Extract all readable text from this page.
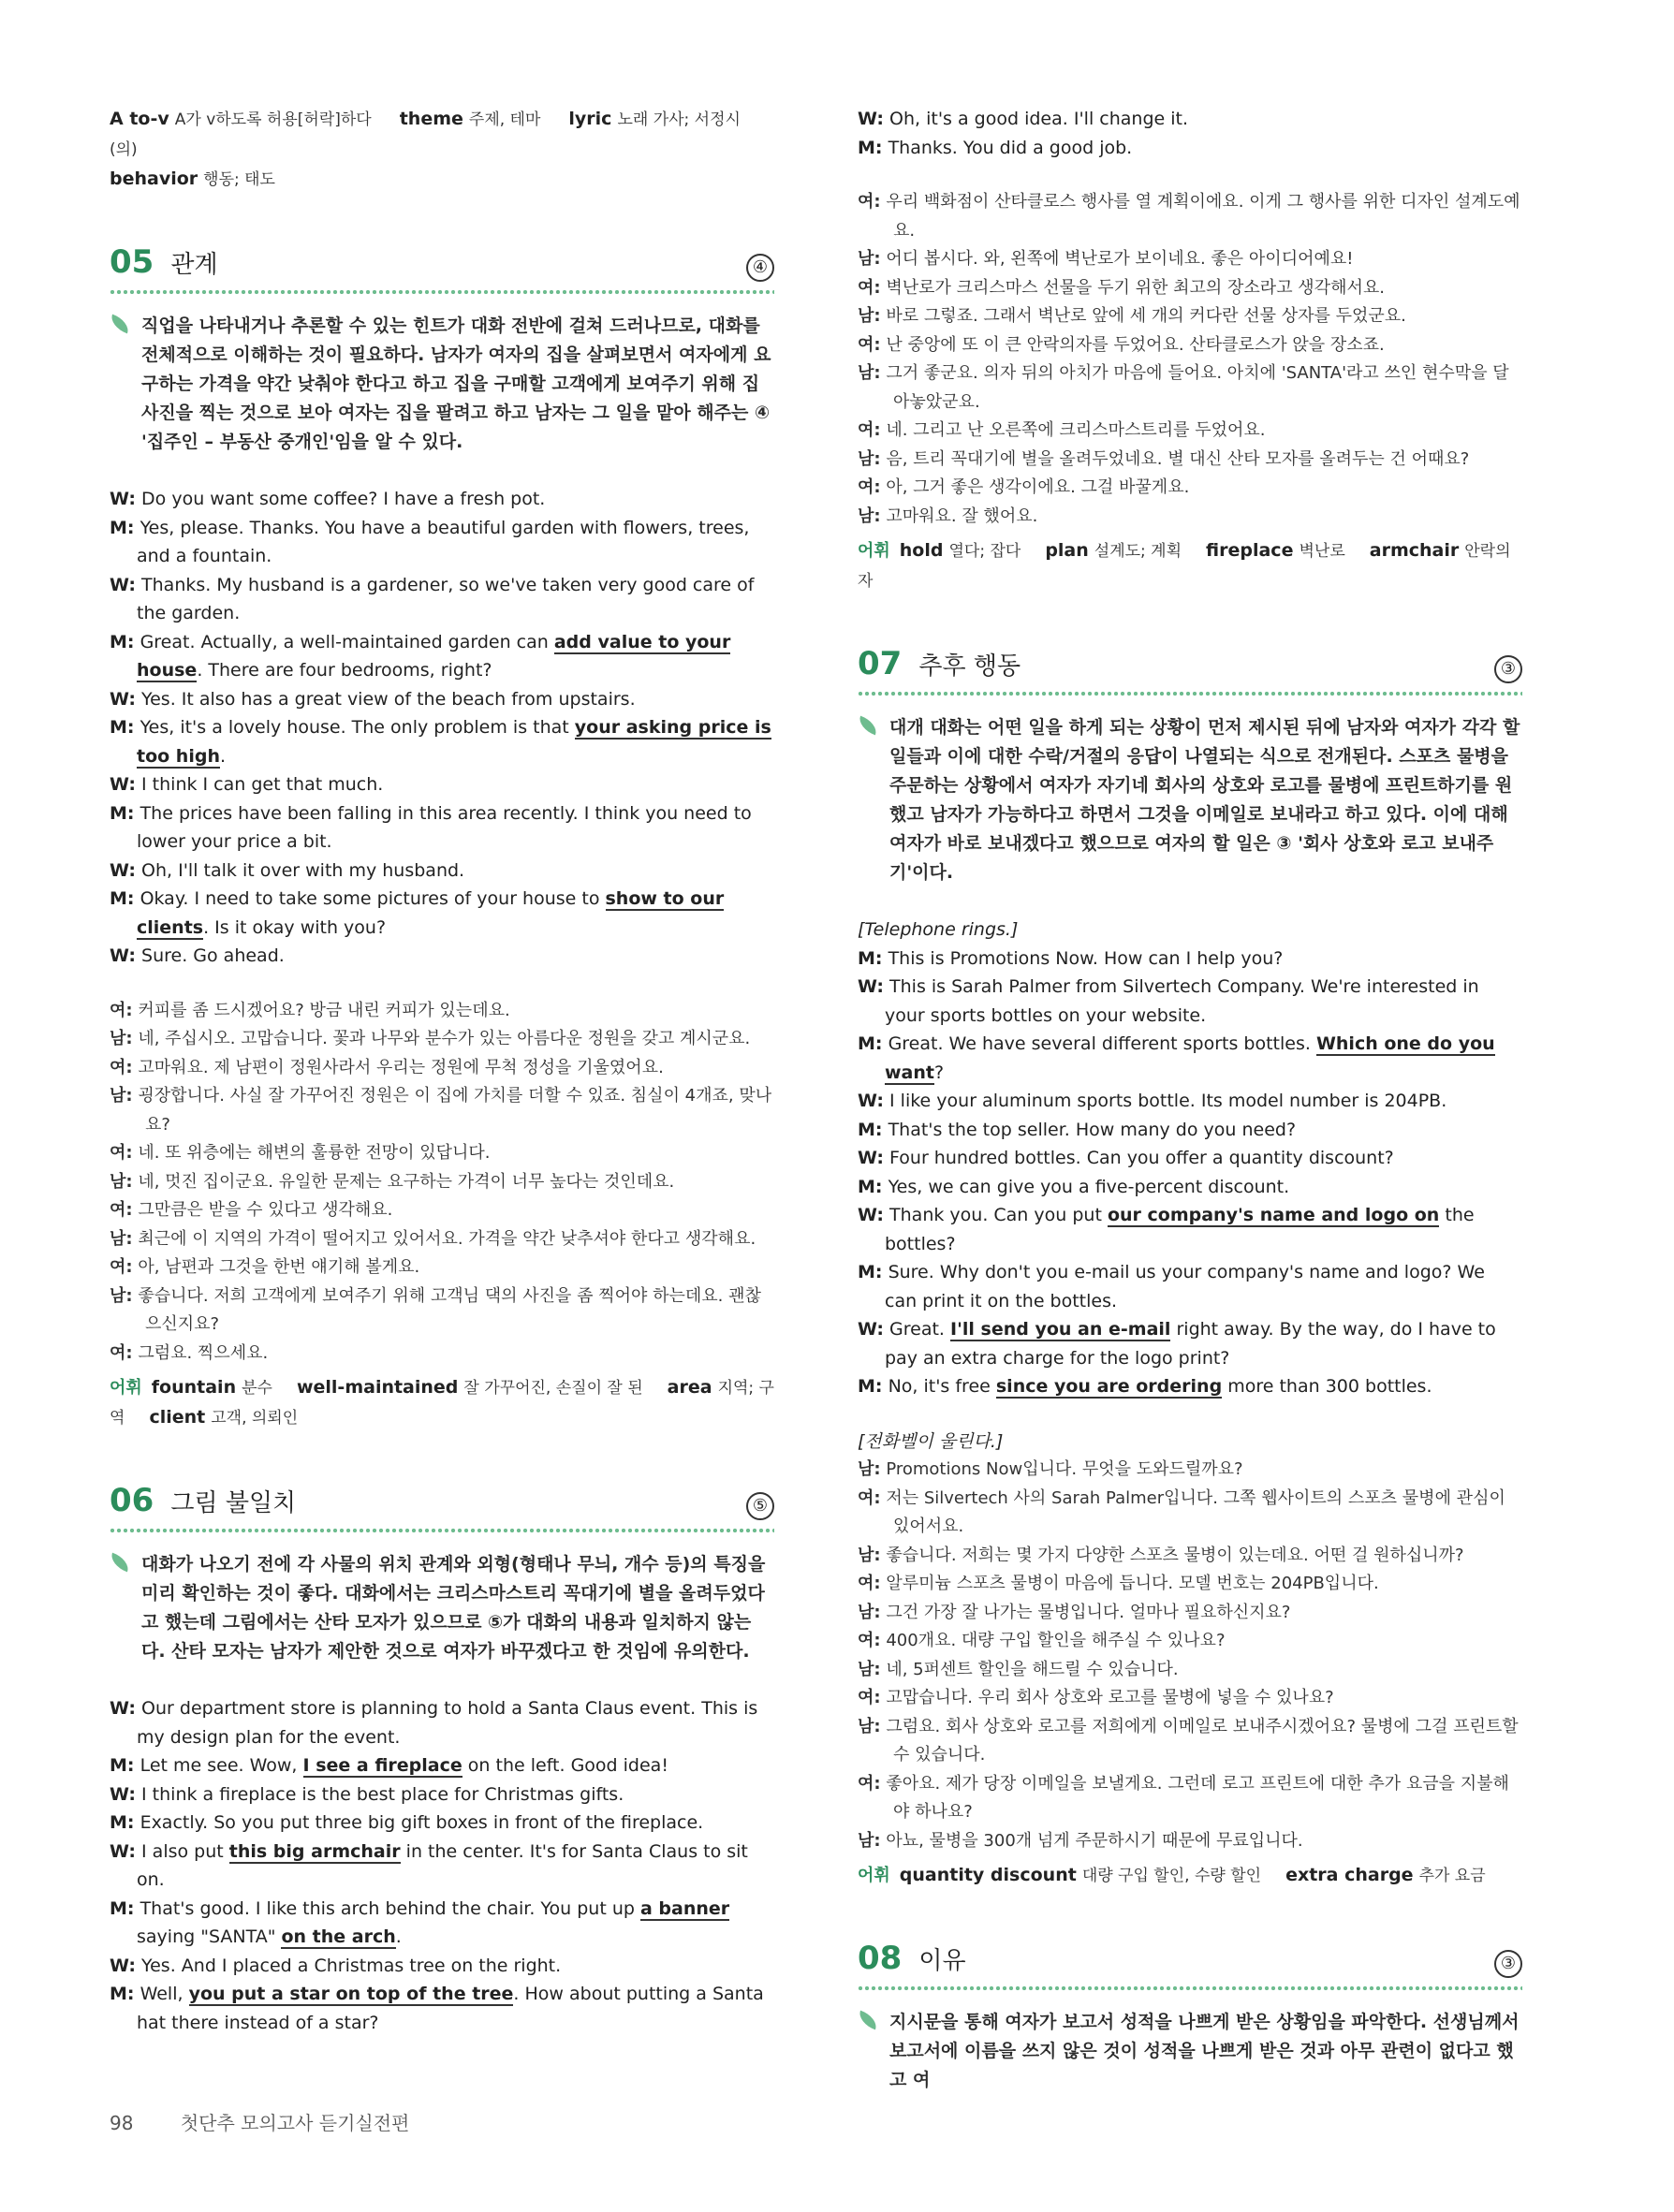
A to-v A가 v하도록 허용[허락]하다 theme 주제, 테마 lyric 노래 가사; 서정시(의)
behavior 행동; 태도
05 관계	④

직업을 나타내거나 추론할 수 있는 힌트가 대화 전반에 걸쳐 드러나므로, 대화를 전체적으로 이해하는 것이 필요하다. 남자가 여자의 집을 살펴보면서 여자에게 요구하는 가격을 약간 낮춰야 한다고 하고 집을 구매할 고객에게 보여주기 위해 집 사진을 찍는 것으로 보아 여자는 집을 팔려고 하고 남자는 그 일을 맡아 해주는 ④ '집주인 – 부동산 중개인'임을 알 수 있다.

W: Do you want some coffee? I have a fresh pot.

M: Yes, please. Thanks. You have a beautiful garden with flowers, trees, and a fountain.

W: Thanks. My husband is a gardener, so we've taken very good care of the garden.

M: Great. Actually, a well-maintained garden can add value to your house. There are four bedrooms, right?

W: Yes. It also has a great view of the beach from upstairs.

M: Yes, it's a lovely house. The only problem is that your asking price is too high.

W: I think I can get that much.

M: The prices have been falling in this area recently. I think you need to lower your price a bit.

W: Oh, I'll talk it over with my husband.

M: Okay. I need to take some pictures of your house to show to our clients. Is it okay with you?

W: Sure. Go ahead.

여: 커피를 좀 드시겠어요? 방금 내린 커피가 있는데요.

남: 네, 주십시오. 고맙습니다. 꽃과 나무와 분수가 있는 아름다운 정원을 갖고 계시군요.

여: 고마워요. 제 남편이 정원사라서 우리는 정원에 무척 정성을 기울였어요.

남: 굉장합니다. 사실 잘 가꾸어진 정원은 이 집에 가치를 더할 수 있죠. 침실이 4개죠, 맞나요?

여: 네. 또 위층에는 해변의 훌륭한 전망이 있답니다.

남: 네, 멋진 집이군요. 유일한 문제는 요구하는 가격이 너무 높다는 것인데요.

여: 그만큼은 받을 수 있다고 생각해요.

남: 최근에 이 지역의 가격이 떨어지고 있어서요. 가격을 약간 낮추셔야 한다고 생각해요.

여: 아, 남편과 그것을 한번 얘기해 볼게요.

남: 좋습니다. 저희 고객에게 보여주기 위해 고객님 댁의 사진을 좀 찍어야 하는데요. 괜찮으신지요?

여: 그럼요. 찍으세요.

어휘 fountain 분수 well-maintained 잘 가꾸어진, 손질이 잘 된 area 지역; 구역 client 고객, 의뢰인
06 그림 불일치	⑤

대화가 나오기 전에 각 사물의 위치 관계와 외형(형태나 무늬, 개수 등)의 특징을 미리 확인하는 것이 좋다. 대화에서는 크리스마스트리 꼭대기에 별을 올려두었다고 했는데 그림에서는 산타 모자가 있으므로 ⑤가 대화의 내용과 일치하지 않는다. 산타 모자는 남자가 제안한 것으로 여자가 바꾸겠다고 한 것임에 유의한다.

W: Our department store is planning to hold a Santa Claus event. This is my design plan for the event.

M: Let me see. Wow, I see a fireplace on the left. Good idea!

W: I think a fireplace is the best place for Christmas gifts.

M: Exactly. So you put three big gift boxes in front of the fireplace.

W: I also put this big armchair in the center. It's for Santa Claus to sit on.

M: That's good. I like this arch behind the chair. You put up a banner saying "SANTA" on the arch.

W: Yes. And I placed a Christmas tree on the right.

M: Well, you put a star on top of the tree. How about putting a Santa hat there instead of a star?

W: Oh, it's a good idea. I'll change it.

M: Thanks. You did a good job.

여: 우리 백화점이 산타클로스 행사를 열 계획이에요. 이게 그 행사를 위한 디자인 설계도예요.

남: 어디 봅시다. 와, 왼쪽에 벽난로가 보이네요. 좋은 아이디어예요!

여: 벽난로가 크리스마스 선물을 두기 위한 최고의 장소라고 생각해서요.

남: 바로 그렇죠. 그래서 벽난로 앞에 세 개의 커다란 선물 상자를 두었군요.

여: 난 중앙에 또 이 큰 안락의자를 두었어요. 산타클로스가 앉을 장소죠.

남: 그거 좋군요. 의자 뒤의 아치가 마음에 들어요. 아치에 'SANTA'라고 쓰인 현수막을 달아놓았군요.

여: 네. 그리고 난 오른쪽에 크리스마스트리를 두었어요.

남: 음, 트리 꼭대기에 별을 올려두었네요. 별 대신 산타 모자를 올려두는 건 어때요?

여: 아, 그거 좋은 생각이에요. 그걸 바꿀게요.

남: 고마워요. 잘 했어요.

어휘 hold 열다; 잡다 plan 설계도; 계획 fireplace 벽난로 armchair 안락의자
07 추후 행동	③

대개 대화는 어떤 일을 하게 되는 상황이 먼저 제시된 뒤에 남자와 여자가 각각 할 일들과 이에 대한 수락/거절의 응답이 나열되는 식으로 전개된다. 스포츠 물병을 주문하는 상황에서 여자가 자기네 회사의 상호와 로고를 물병에 프린트하기를 원했고 남자가 가능하다고 하면서 그것을 이메일로 보내라고 하고 있다. 이에 대해 여자가 바로 보내겠다고 했으므로 여자의 할 일은 ③ '회사 상호와 로고 보내주기'이다.

[Telephone rings.]

M: This is Promotions Now. How can I help you?

W: This is Sarah Palmer from Silvertech Company. We're interested in your sports bottles on your website.

M: Great. We have several different sports bottles. Which one do you want?

W: I like your aluminum sports bottle. Its model number is 204PB.

M: That's the top seller. How many do you need?

W: Four hundred bottles. Can you offer a quantity discount?

M: Yes, we can give you a five-percent discount.

W: Thank you. Can you put our company's name and logo on the bottles?

M: Sure. Why don't you e-mail us your company's name and logo? We can print it on the bottles.

W: Great. I'll send you an e-mail right away. By the way, do I have to pay an extra charge for the logo print?

M: No, it's free since you are ordering more than 300 bottles.

[전화벨이 울린다.]

남: Promotions Now입니다. 무엇을 도와드릴까요?

여: 저는 Silvertech 사의 Sarah Palmer입니다. 그쪽 웹사이트의 스포츠 물병에 관심이 있어서요.

남: 좋습니다. 저희는 몇 가지 다양한 스포츠 물병이 있는데요. 어떤 걸 원하십니까?

여: 알루미늄 스포츠 물병이 마음에 듭니다. 모델 번호는 204PB입니다.

남: 그건 가장 잘 나가는 물병입니다. 얼마나 필요하신지요?

여: 400개요. 대량 구입 할인을 해주실 수 있나요?

남: 네, 5퍼센트 할인을 해드릴 수 있습니다.

여: 고맙습니다. 우리 회사 상호와 로고를 물병에 넣을 수 있나요?

남: 그럼요. 회사 상호와 로고를 저희에게 이메일로 보내주시겠어요? 물병에 그걸 프린트할 수 있습니다.

여: 좋아요. 제가 당장 이메일을 보낼게요. 그런데 로고 프린트에 대한 추가 요금을 지불해야 하나요?

남: 아뇨, 물병을 300개 넘게 주문하시기 때문에 무료입니다.

어휘 quantity discount 대량 구입 할인, 수량 할인 extra charge 추가 요금
08 이유	③

지시문을 통해 여자가 보고서 성적을 나쁘게 받은 상황임을 파악한다. 선생님께서 보고서에 이름을 쓰지 않은 것이 성적을 나쁘게 받은 것과 아무 관련이 없다고 했고 여

98	첫단추 모의고사 듣기실전편
